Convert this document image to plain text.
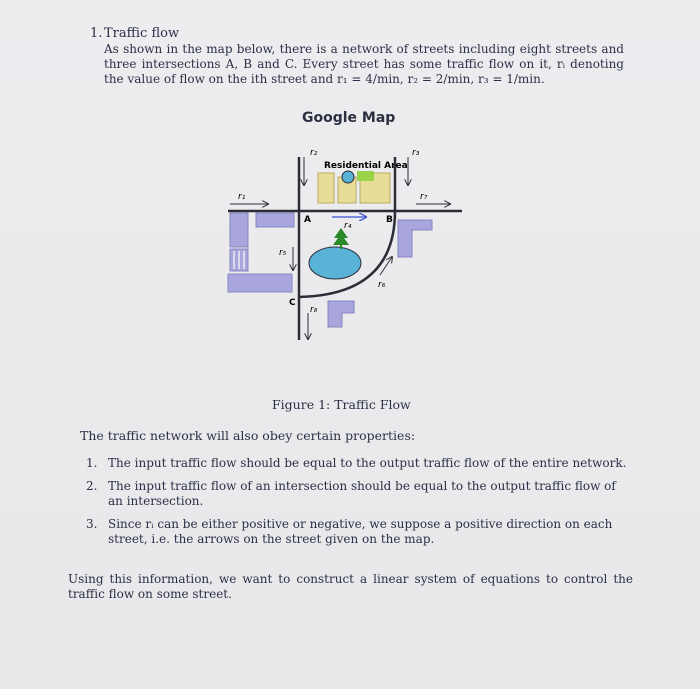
1. Traffic flow
As shown in the map below, there is a network of streets including eight streets and three intersections A, B and C. Every street has some traffic flow on it, rᵢ denoting the value of flow on the ith street and r₁ = 4/min, r₂ = 2/min, r₃ = 1/min.
Google Map
Residential Area
A	B
C
r₁
r₂	r₃
r₄
r₅
r₆
r₇
r₈
Figure 1: Traffic Flow
The traffic network will also obey certain properties:
1. The input traffic flow should be equal to the output traffic flow of the entire network.
2. The input traffic flow of an intersection should be equal to the output traffic flow of an intersection.
3. Since rᵢ can be either positive or negative, we suppose a positive direction on each street, i.e. the arrows on the street given on the map.
Using this information, we want to construct a linear system of equations to control the traffic flow on some street.
